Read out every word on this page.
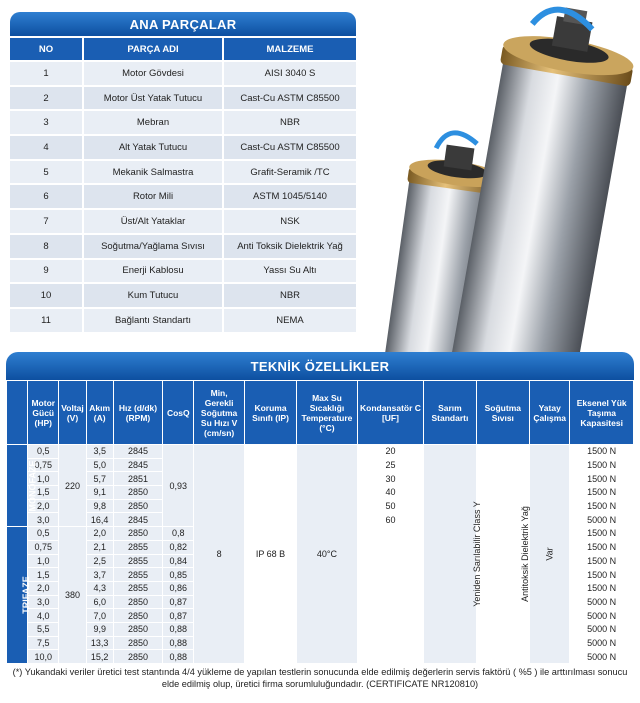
ANA PARÇALAR
NO	PARÇA ADI	MALZEME
1	Motor Gövdesi	AISI 3040 S
2	Motor Üst Yatak Tutucu	Cast-Cu ASTM C85500
3	Mebran	NBR
4	Alt Yatak Tutucu	Cast-Cu ASTM C85500
5	Mekanik Salmastra	Grafit-Seramik /TC
6	Rotor Mili	ASTM 1045/5140
7	Üst/Alt Yataklar	NSK
8	Soğutma/Yağlama Sıvısı	Anti Toksik Dielektrik Yağ
9	Enerji Kablosu	Yassı Su Altı
10	Kum Tutucu	NBR
11	Bağlantı Standartı	NEMA
TEKNİK ÖZELLİKLER
	Motor Gücü (HP)	Voltaj (V)	Akım (A)	Hız (d/dk) (RPM)	CosQ	Min, Gerekli Soğutma Su Hızı V (cm/sn)	Koruma Sınıfı (IP)	Max Su Sıcaklığı Temperature (°C)	Kondansatör C [UF]	Sarım Standartı	Soğutma Sıvısı	Yatay Çalışma	Eksenel Yük Taşıma Kapasitesi
MONOFAZE	0,5	220	3,5	2845	0,93	8	IP 68 B	40°C	20	Yeniden Sarılabilir Class Y	Antitoksik Dielektrik Yağ	Var	1500 N
	0,75		5,0	2845					25				1500 N
	1,0		5,7	2851					30				1500 N
	1,5		9,1	2850					40				1500 N
	2,0		9,8	2850					50				1500 N
	3,0		16,4	2845					60				5000 N
TRIFAZE	0,5	380	2,0	2850	0,8								1500 N
	0,75		2,1	2855	0,82								1500 N
	1,0		2,5	2855	0,84								1500 N
	1,5		3,7	2855	0,85								1500 N
	2,0		4,3	2855	0,86								1500 N
	3,0		6,0	2850	0,87								5000 N
	4,0		7,0	2850	0,87								5000 N
	5,5		9,9	2850	0,88								5000 N
	7,5		13,3	2850	0,88								5000 N
	10,0		15,2	2850	0,88								5000 N
(*) Yukandaki veriler üretici test stantında 4/4 yükleme de yapılan testlerin sonucunda elde edilmiş değerlerin servis faktörü ( %5 ) ile arttırılması sonucu elde edilmiş olup, üretici firma sorumluluğundadır. (CERTIFICATE NR120810)
